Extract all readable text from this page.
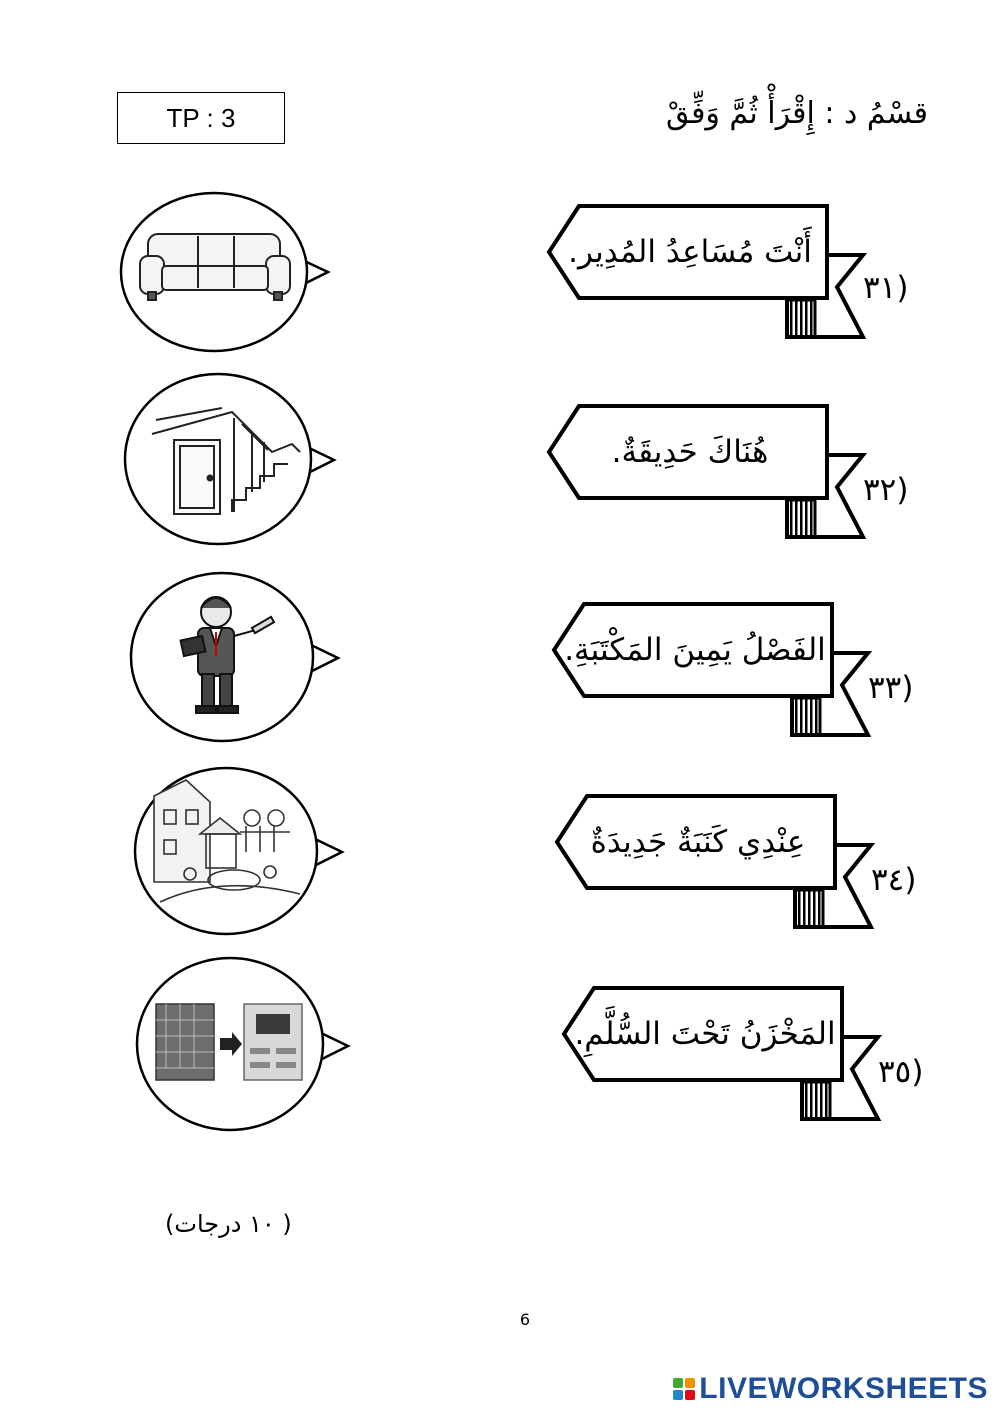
TP : 3	قسْمُ د : إِقْرَأْ ثُمَّ وَفِّقْ
أَنْتَ مُسَاعِدُ المُدِير.
(٣١
هُنَاكَ حَدِيقَةٌ.
(٣٢
الفَصْلُ يَمِينَ المَكْتَبَةِ.
(٣٣
عِنْدِي كَنَبَةٌ جَدِيدَةٌ
(٣٤
المَخْزَنُ تَحْتَ السُّلَّمِ.
(٣٥
( ١٠ درجات)
6
LIVEWORKSHEETS
